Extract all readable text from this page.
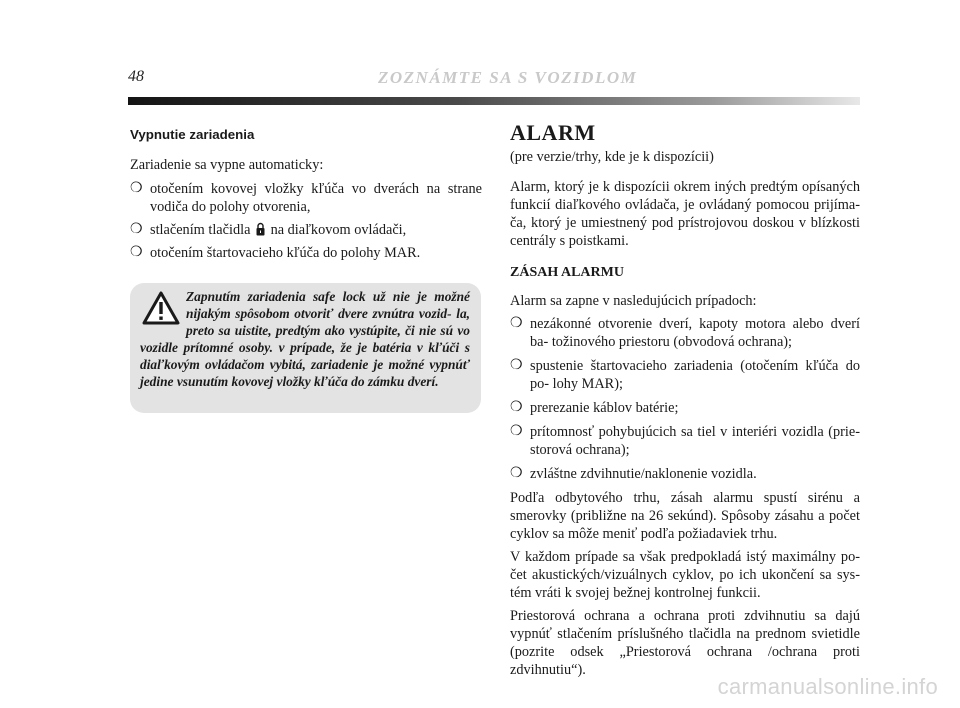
48	ZOZNÁMTE SA S VOZIDLOM

Vypnutie zariadenia

Zariadenie sa vypne automaticky:

❍ otočením kovovej vložky kľúča vo dverách na strane vodiča do polohy otvorenia,
❍ stlačením tlačidla na diaľkovom ovládači,
❍ otočením štartovacieho kľúča do polohy MAR.

Zapnutím zariadenia safe lock už nie je možné nijakým spôsobom otvoriť dvere zvnútra vozid- la, preto sa uistite, predtým ako vystúpite, či nie sú vo vozidle prítomné osoby. v prípade, že je batéria v kľúči s diaľkovým ovládačom vybitá, zariadenie je možné vypnúť jedine vsunutím kovovej vložky kľúča do zámku dverí.

ALARM

(pre verzie/trhy, kde je k dispozícii)

Alarm, ktorý je k dispozícii okrem iných predtým opísaných funkcií diaľkového ovládača, je ovládaný pomocou prijíma- ča, ktorý je umiestnený pod prístrojovou doskou v blízkosti centrály s poistkami.

ZÁSAH ALARMU

Alarm sa zapne v nasledujúcich prípadoch:

❍ nezákonné otvorenie dverí, kapoty motora alebo dverí ba- tožinového priestoru (obvodová ochrana);
❍ spustenie štartovacieho zariadenia (otočením kľúča do po- lohy MAR);
❍ prerezanie káblov batérie;
❍ prítomnosť pohybujúcich sa tiel v interiéri vozidla (prie- storová ochrana);
❍ zvláštne zdvihnutie/naklonenie vozidla.

Podľa odbytového trhu, zásah alarmu spustí sirénu a smerovky (približne na 26 sekúnd). Spôsoby zásahu a počet cyklov sa môže meniť podľa požiadaviek trhu.

V každom prípade sa však predpokladá istý maximálny po- čet akustických/vizuálnych cyklov, po ich ukončení sa sys- tém vráti k svojej bežnej kontrolnej funkcii.

Priestorová ochrana a ochrana proti zdvihnutiu sa dajú vypnúť stlačením príslušného tlačidla na prednom svietidle (pozrite odsek „Priestorová ochrana /ochrana proti zdvihnutiu“).

carmanualsonline.info
